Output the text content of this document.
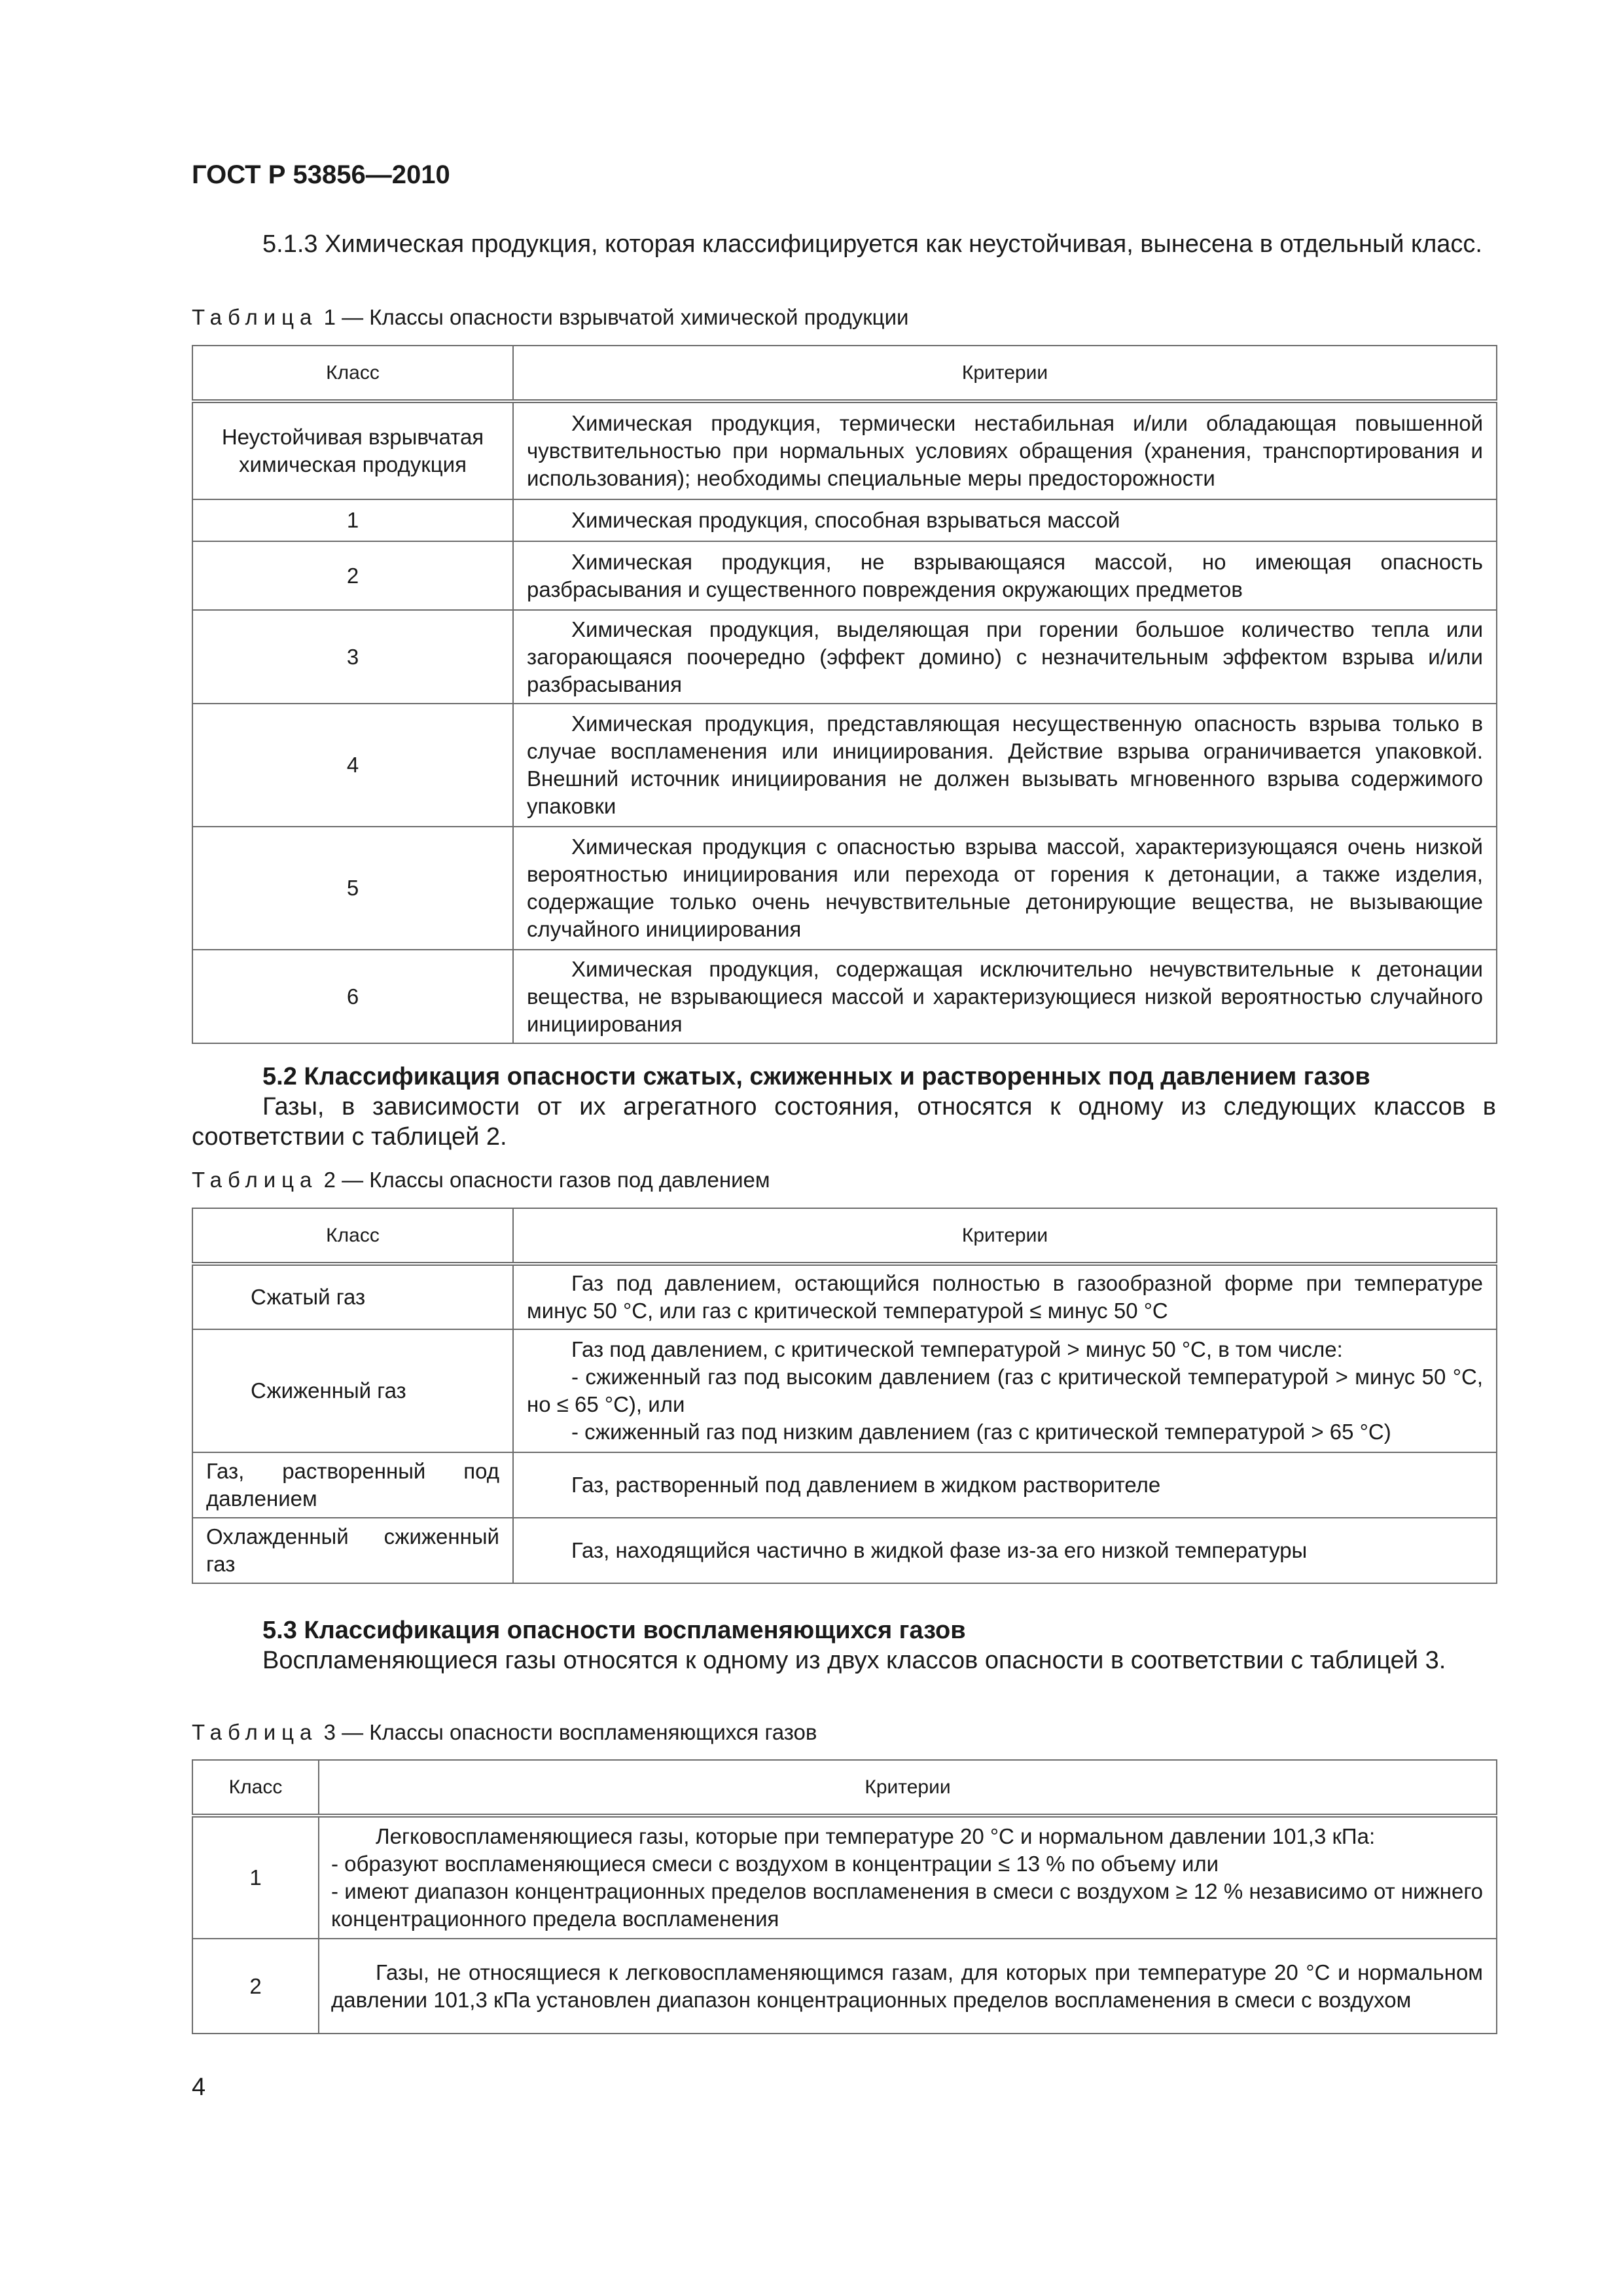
ГОСТ Р 53856—2010

5.1.3 Химическая продукция, которая классифицируется как неустойчивая, вынесена в отдельный класс.

Таблица 1 — Классы опасности взрывчатой химической продукции

Класс	Критерии
Неустойчивая взрывчатая химическая продукция	Химическая продукция, термически нестабильная и/или обладающая повышенной чувствительностью при нормальных условиях обращения (хранения, транспортирования и использования); необходимы специальные меры предосторожности

1	Химическая продукция, способная взрываться массой

2	Химическая продукция, не взрывающаяся массой, но имеющая опасность разбрасывания и существенного повреждения окружающих предметов

3	Химическая продукция, выделяющая при горении большое количество тепла или загорающаяся поочередно (эффект домино) с незначительным эффектом взрыва и/или разбрасывания

4	Химическая продукция, представляющая несущественную опасность взрыва только в случае воспламенения или инициирования. Действие взрыва ограничивается упаковкой. Внешний источник инициирования не должен вызывать мгновенного взрыва содержимого упаковки

5	Химическая продукция с опасностью взрыва массой, характеризующаяся очень низкой вероятностью инициирования или перехода от горения к детонации, а также изделия, содержащие только очень нечувствительные детонирующие вещества, не вызывающие случайного инициирования

6	Химическая продукция, содержащая исключительно нечувствительные к детонации вещества, не взрывающиеся массой и характеризующиеся низкой вероятностью случайного инициирования

5.2 Классификация опасности сжатых, сжиженных и растворенных под давлением газов

Газы, в зависимости от их агрегатного состояния, относятся к одному из следующих классов в соответствии с таблицей 2.

Таблица 2 — Классы опасности газов под давлением

Класс	Критерии
Сжатый газ	Газ под давлением, остающийся полностью в газообразной форме при температуре минус 50 °С, или газ с критической температурой ≤ минус 50 °С

Сжиженный газ	Газ под давлением, с критической температурой > минус 50 °С, в том числе:
- сжиженный газ под высоким давлением (газ с критической температурой > минус 50 °С, но ≤ 65 °С), или
- сжиженный газ под низким давлением (газ с критической температурой > 65 °С)

Газ, растворенный под давлением	Газ, растворенный под давлением в жидком растворителе

Охлажденный сжиженный газ	Газ, находящийся частично в жидкой фазе из-за его низкой температуры

5.3 Классификация опасности воспламеняющихся газов

Воспламеняющиеся газы относятся к одному из двух классов опасности в соответствии с таблицей 3.

Таблица 3 — Классы опасности воспламеняющихся газов

Класс	Критерии
1	Легковоспламеняющиеся газы, которые при температуре 20 °С и нормальном давлении 101,3 кПа:
- образуют воспламеняющиеся смеси с воздухом в концентрации ≤ 13 % по объему или
- имеют диапазон концентрационных пределов воспламенения в смеси с воздухом ≥ 12 % независимо от нижнего концентрационного предела воспламенения

2	Газы, не относящиеся к легковоспламеняющимся газам, для которых при температуре 20 °С и нормальном давлении 101,3 кПа установлен диапазон концентрационных пределов воспламенения в смеси с воздухом
4
